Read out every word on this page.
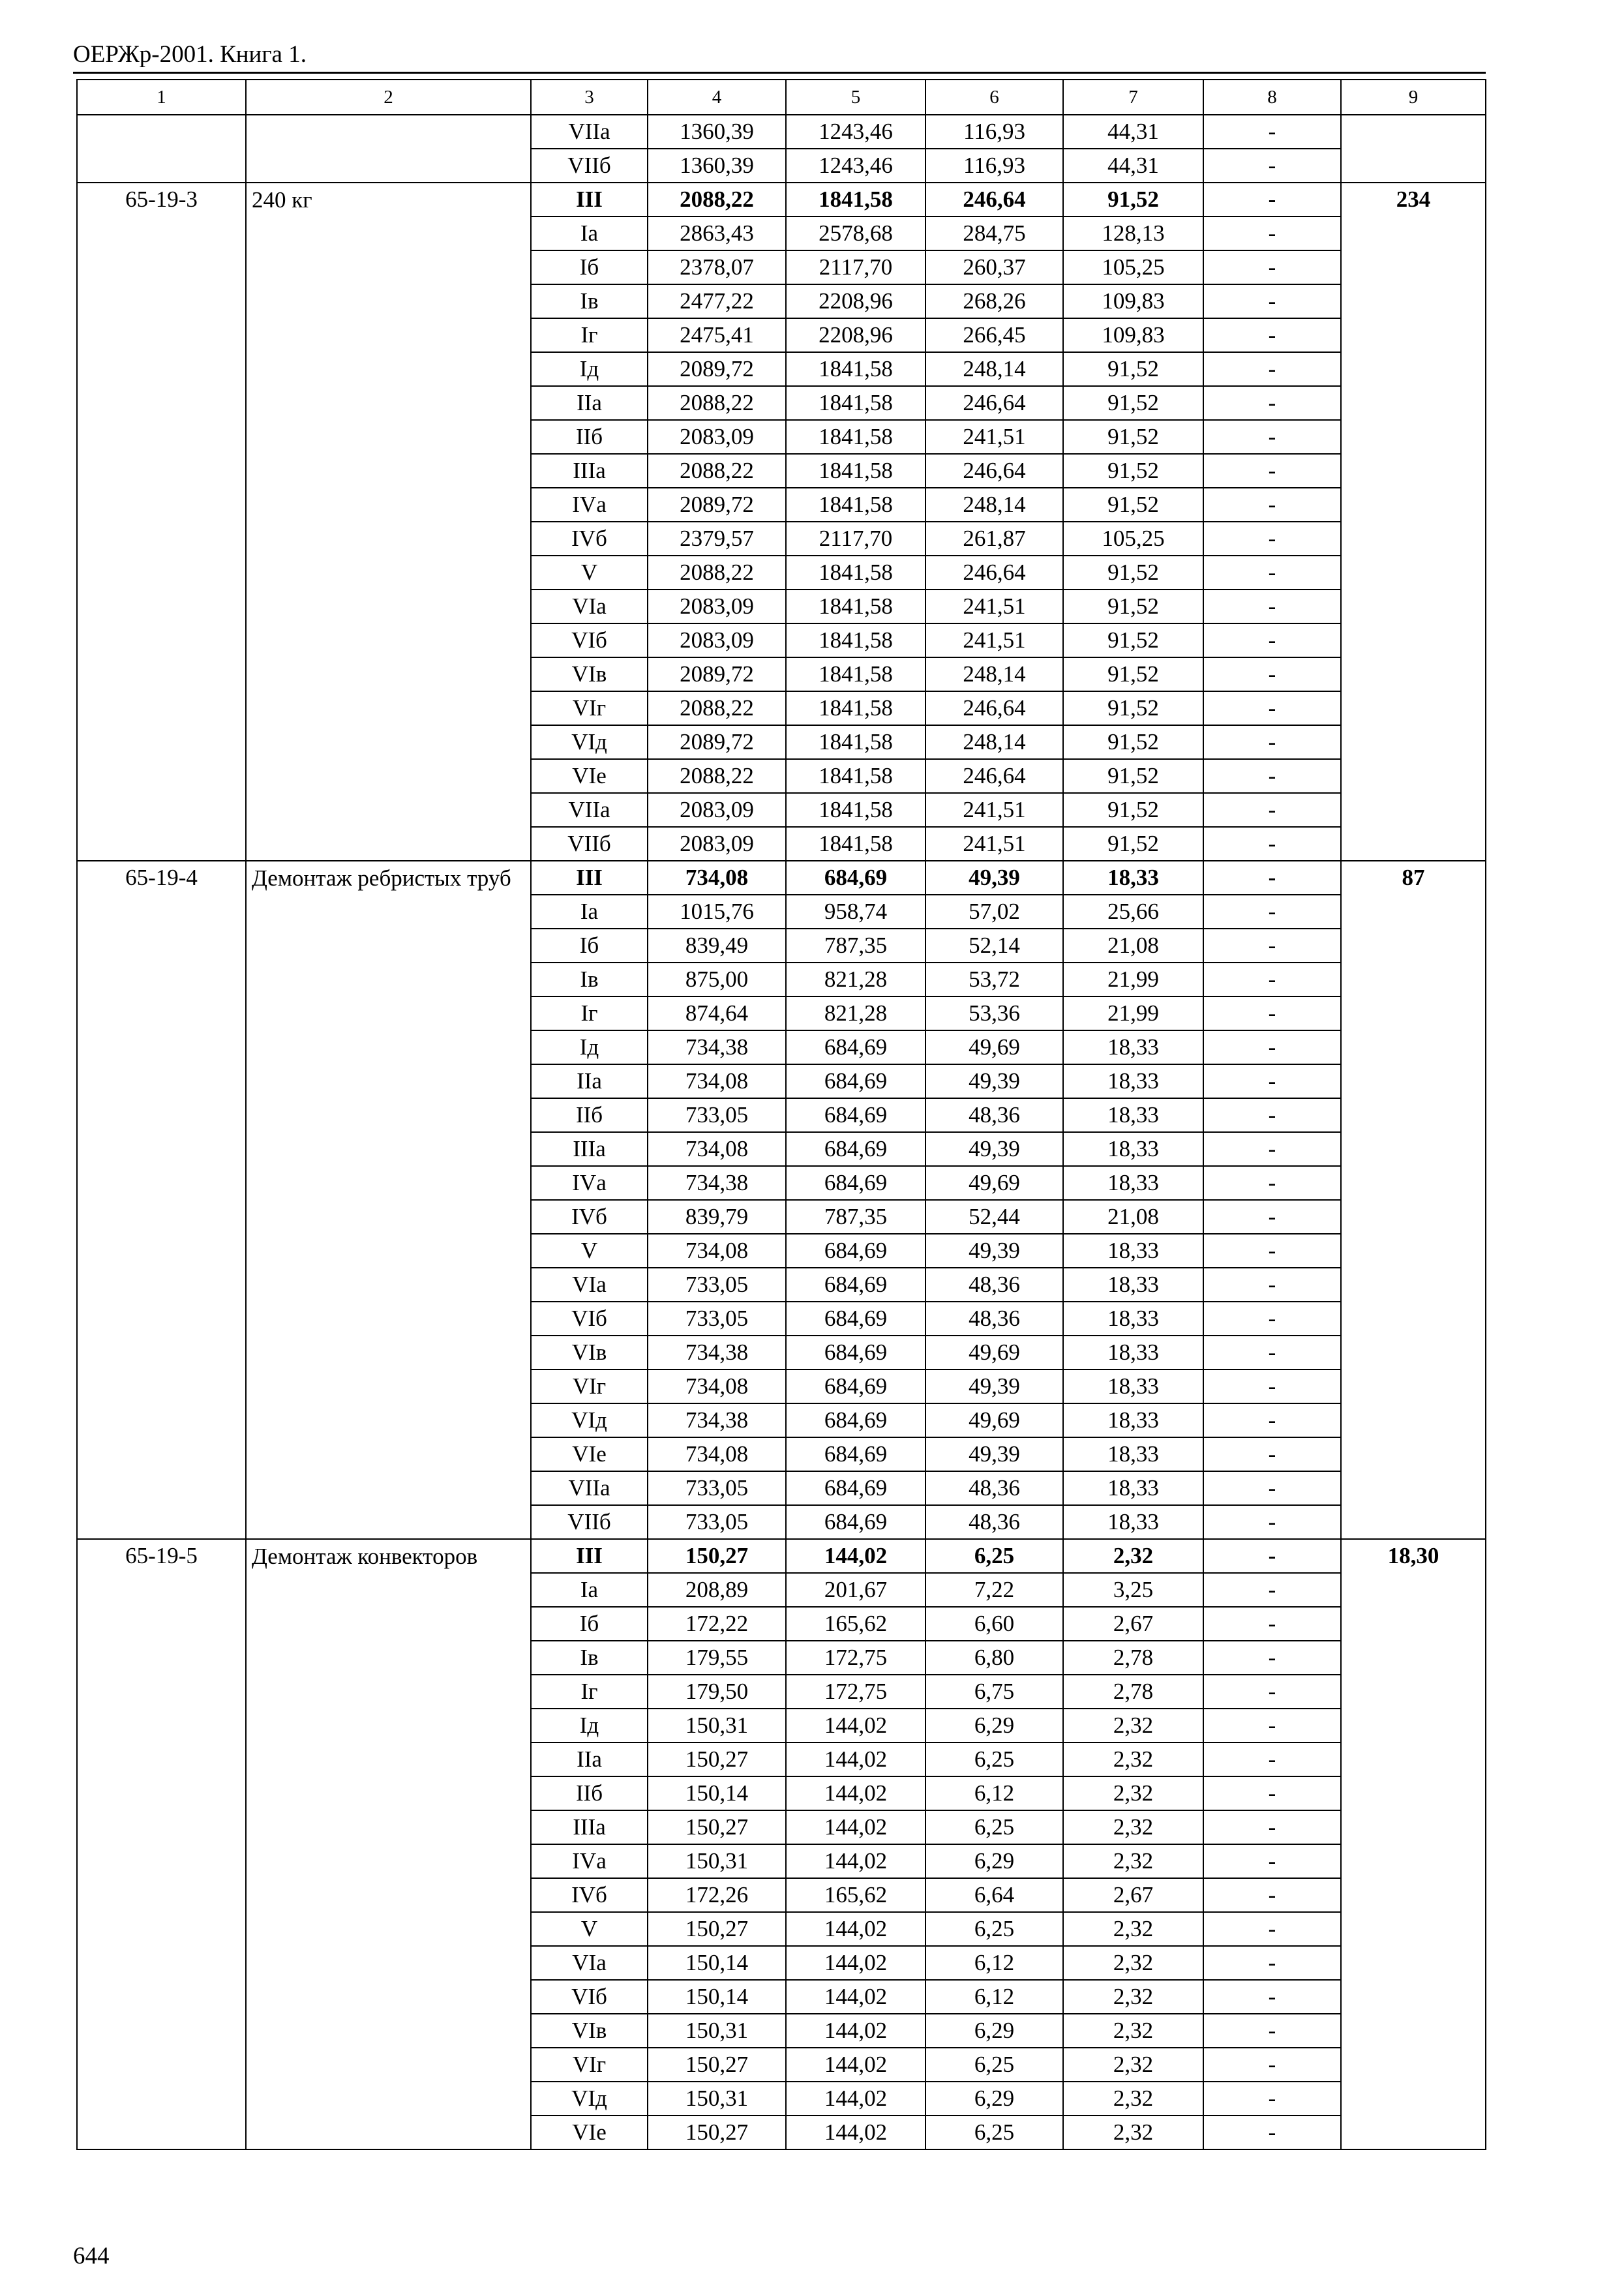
ОЕРЖр-2001. Книга 1.
1	2	3	4	5	6	7	8	9
		VIIа	1360,39	1243,46	116,93	44,31	-	
		VIIб	1360,39	1243,46	116,93	44,31	-	
65-19-3	240 кг	III	2088,22	1841,58	246,64	91,52	-	234
		Iа	2863,43	2578,68	284,75	128,13	-	
		Iб	2378,07	2117,70	260,37	105,25	-	
		Iв	2477,22	2208,96	268,26	109,83	-	
		Iг	2475,41	2208,96	266,45	109,83	-	
		Iд	2089,72	1841,58	248,14	91,52	-	
		IIа	2088,22	1841,58	246,64	91,52	-	
		IIб	2083,09	1841,58	241,51	91,52	-	
		IIIа	2088,22	1841,58	246,64	91,52	-	
		IVа	2089,72	1841,58	248,14	91,52	-	
		IVб	2379,57	2117,70	261,87	105,25	-	
		V	2088,22	1841,58	246,64	91,52	-	
		VIа	2083,09	1841,58	241,51	91,52	-	
		VIб	2083,09	1841,58	241,51	91,52	-	
		VIв	2089,72	1841,58	248,14	91,52	-	
		VIг	2088,22	1841,58	246,64	91,52	-	
		VIд	2089,72	1841,58	248,14	91,52	-	
		VIе	2088,22	1841,58	246,64	91,52	-	
		VIIа	2083,09	1841,58	241,51	91,52	-	
		VIIб	2083,09	1841,58	241,51	91,52	-	
65-19-4	Демонтаж ребристых труб	III	734,08	684,69	49,39	18,33	-	87
		Iа	1015,76	958,74	57,02	25,66	-	
		Iб	839,49	787,35	52,14	21,08	-	
		Iв	875,00	821,28	53,72	21,99	-	
		Iг	874,64	821,28	53,36	21,99	-	
		Iд	734,38	684,69	49,69	18,33	-	
		IIа	734,08	684,69	49,39	18,33	-	
		IIб	733,05	684,69	48,36	18,33	-	
		IIIа	734,08	684,69	49,39	18,33	-	
		IVа	734,38	684,69	49,69	18,33	-	
		IVб	839,79	787,35	52,44	21,08	-	
		V	734,08	684,69	49,39	18,33	-	
		VIа	733,05	684,69	48,36	18,33	-	
		VIб	733,05	684,69	48,36	18,33	-	
		VIв	734,38	684,69	49,69	18,33	-	
		VIг	734,08	684,69	49,39	18,33	-	
		VIд	734,38	684,69	49,69	18,33	-	
		VIе	734,08	684,69	49,39	18,33	-	
		VIIа	733,05	684,69	48,36	18,33	-	
		VIIб	733,05	684,69	48,36	18,33	-	
65-19-5	Демонтаж конвекторов	III	150,27	144,02	6,25	2,32	-	18,30
		Iа	208,89	201,67	7,22	3,25	-	
		Iб	172,22	165,62	6,60	2,67	-	
		Iв	179,55	172,75	6,80	2,78	-	
		Iг	179,50	172,75	6,75	2,78	-	
		Iд	150,31	144,02	6,29	2,32	-	
		IIа	150,27	144,02	6,25	2,32	-	
		IIб	150,14	144,02	6,12	2,32	-	
		IIIа	150,27	144,02	6,25	2,32	-	
		IVа	150,31	144,02	6,29	2,32	-	
		IVб	172,26	165,62	6,64	2,67	-	
		V	150,27	144,02	6,25	2,32	-	
		VIа	150,14	144,02	6,12	2,32	-	
		VIб	150,14	144,02	6,12	2,32	-	
		VIв	150,31	144,02	6,29	2,32	-	
		VIг	150,27	144,02	6,25	2,32	-	
		VIд	150,31	144,02	6,29	2,32	-	
		VIе	150,27	144,02	6,25	2,32	-	
644
